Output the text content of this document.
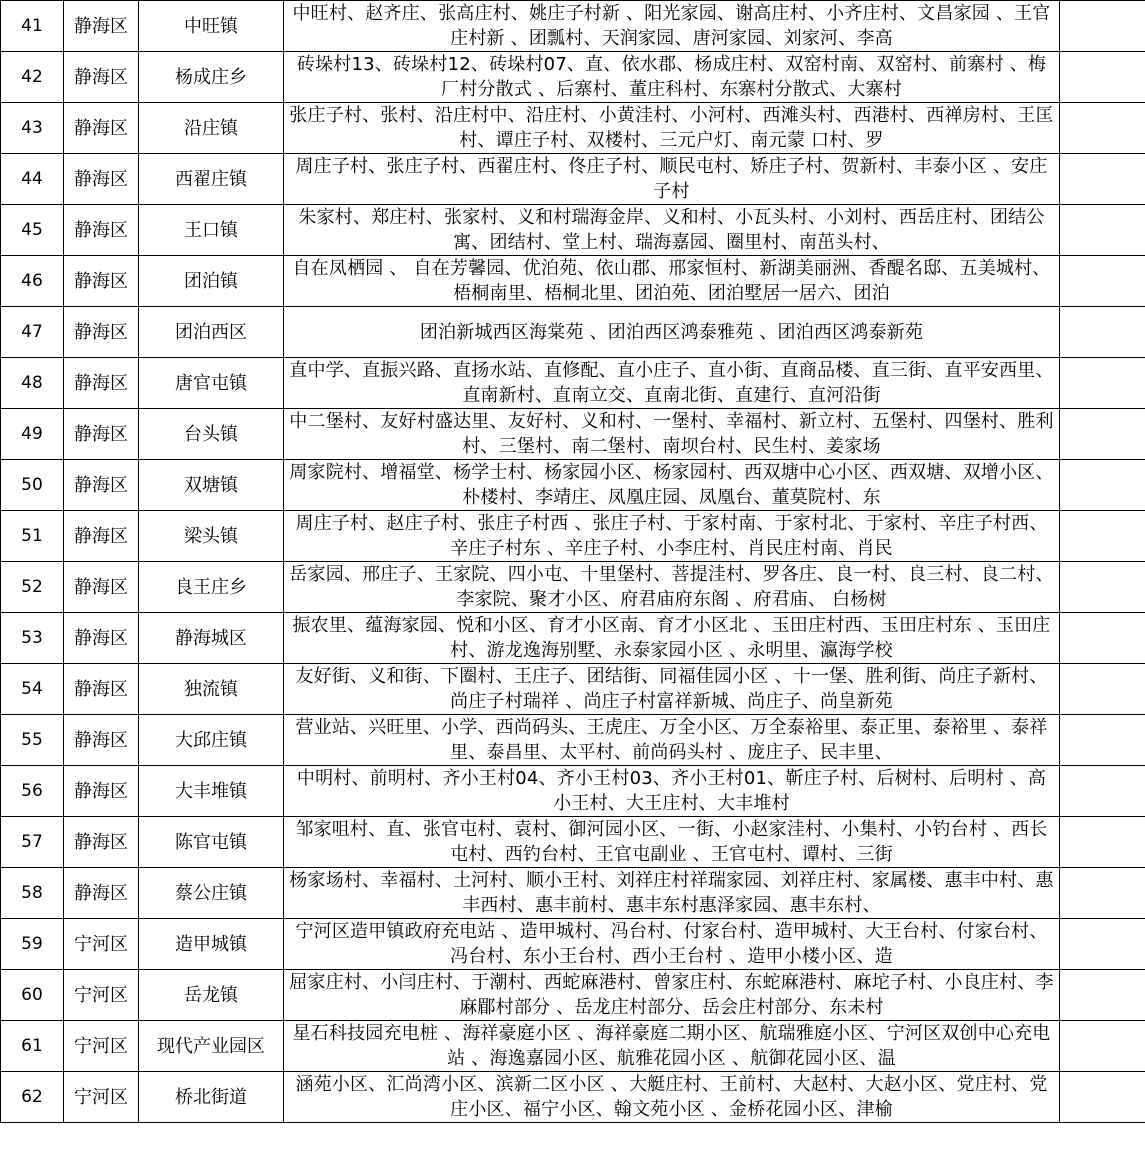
41	静海区	中旺镇	中旺村、赵齐庄、张高庄村、姚庄子村新 、阳光家园、谢高庄村、小齐庄村、文昌家园 、王官庄村新 、团瓢村、天润家园、唐河家园、刘家河、李高	
42	静海区	杨成庄乡	砖垛村13、砖垛村12、砖垛村07、直、依水郡、杨成庄村、双窑村南、双窑村、前寨村 、梅厂村分散式 、后寨村、董庄科村、东寨村分散式、大寨村	
43	静海区	沿庄镇	张庄子村、张村、沿庄村中、沿庄村、小黄洼村、小河村、西滩头村、西港村、西禅房村、王匡村、谭庄子村、双楼村、三元户灯、南元蒙 口村、罗	
44	静海区	西翟庄镇	周庄子村、张庄子村、西翟庄村、佟庄子村、顺民屯村、矫庄子村、贺新村、丰泰小区 、安庄子村	
45	静海区	王口镇	朱家村、郑庄村、张家村、义和村瑞海金岸、义和村、小瓦头村、小刘村、西岳庄村、团结公寓、团结村、堂上村、瑞海嘉园、圈里村、南茁头村、	
46	静海区	团泊镇	自在凤栖园 、 自在芳馨园、优泊苑、依山郡、邢家恒村、新湖美丽洲、香醍名邸、五美城村、梧桐南里、梧桐北里、团泊苑、团泊墅居一居六、团泊	
47	静海区	团泊西区	团泊新城西区海棠苑 、团泊西区鸿泰雅苑 、团泊西区鸿泰新苑	
48	静海区	唐官屯镇	直中学、直振兴路、直扬水站、直修配、直小庄子、直小街、直商品楼、直三街、直平安西里、直南新村、直南立交、直南北街、直建行、直河沿街	
49	静海区	台头镇	中二堡村、友好村盛达里、友好村、义和村、一堡村、幸福村、新立村、五堡村、四堡村、胜利村、三堡村、南二堡村、南坝台村、民生村、姜家场	
50	静海区	双塘镇	周家院村、增福堂、杨学士村、杨家园小区、杨家园村、西双塘中心小区、西双塘、双增小区、朴楼村、李靖庄、凤凰庄园、凤凰台、董莫院村、东	
51	静海区	梁头镇	周庄子村、赵庄子村、张庄子村西 、张庄子村、于家村南、于家村北、于家村、辛庄子村西、辛庄子村东 、辛庄子村、小李庄村、肖民庄村南、肖民	
52	静海区	良王庄乡	岳家园、邢庄子、王家院、四小屯、十里堡村、菩提洼村、罗各庄、良一村、良三村、良二村、李家院、聚才小区、府君庙府东阁 、府君庙、 白杨树	
53	静海区	静海城区	振农里、蕴海家园、悦和小区、育才小区南、育才小区北 、玉田庄村西、玉田庄村东 、玉田庄村、游龙逸海别墅、永泰家园小区 、永明里、瀛海学校	
54	静海区	独流镇	友好街、义和街、下圈村、王庄子、团结街、同福佳园小区 、十一堡、胜利街、尚庄子新村、尚庄子村瑞祥 、尚庄子村富祥新城、尚庄子、尚皇新苑	
55	静海区	大邱庄镇	营业站、兴旺里、小学、西尚码头、王虎庄、万全小区、万全泰裕里、泰正里、泰裕里 、泰祥里、泰昌里、太平村、前尚码头村 、庞庄子、民丰里、	
56	静海区	大丰堆镇	中明村、前明村、齐小王村04、齐小王村03、齐小王村01、靳庄子村、后树村、后明村 、高小王村、大王庄村、大丰堆村	
57	静海区	陈官屯镇	邹家咀村、直、张官屯村、袁村、御河园小区、一街、小赵家洼村、小集村、小钓台村 、西长屯村、西钓台村、王官屯副业 、王官屯村、谭村、三街	
58	静海区	蔡公庄镇	杨家场村、幸福村、土河村、顺小王村、刘祥庄村祥瑞家园、刘祥庄村、家属楼、惠丰中村、惠丰西村、惠丰前村、惠丰东村惠泽家园、惠丰东村、	
59	宁河区	造甲城镇	宁河区造甲镇政府充电站 、造甲城村、冯台村、付家台村、造甲城村、大王台村、付家台村、冯台村、东小王台村、西小王台村 、造甲小楼小区、造	
60	宁河区	岳龙镇	屈家庄村、小闫庄村、于潮村、西蛇麻港村、曾家庄村、东蛇麻港村、麻坨子村、小良庄村、李麻郿村部分 、岳龙庄村部分、岳会庄村部分、东未村	
61	宁河区	现代产业园区	星石科技园充电桩 、海祥豪庭小区 、海祥豪庭二期小区、航瑞雅庭小区、宁河区双创中心充电站 、海逸嘉园小区、航雅花园小区 、航御花园小区、温	
62	宁河区	桥北街道	涵苑小区、汇尚湾小区、滨新二区小区 、大艇庄村、王前村、大赵村、大赵小区、党庄村、党庄小区、福宁小区、翰文苑小区 、金桥花园小区、津榆	
